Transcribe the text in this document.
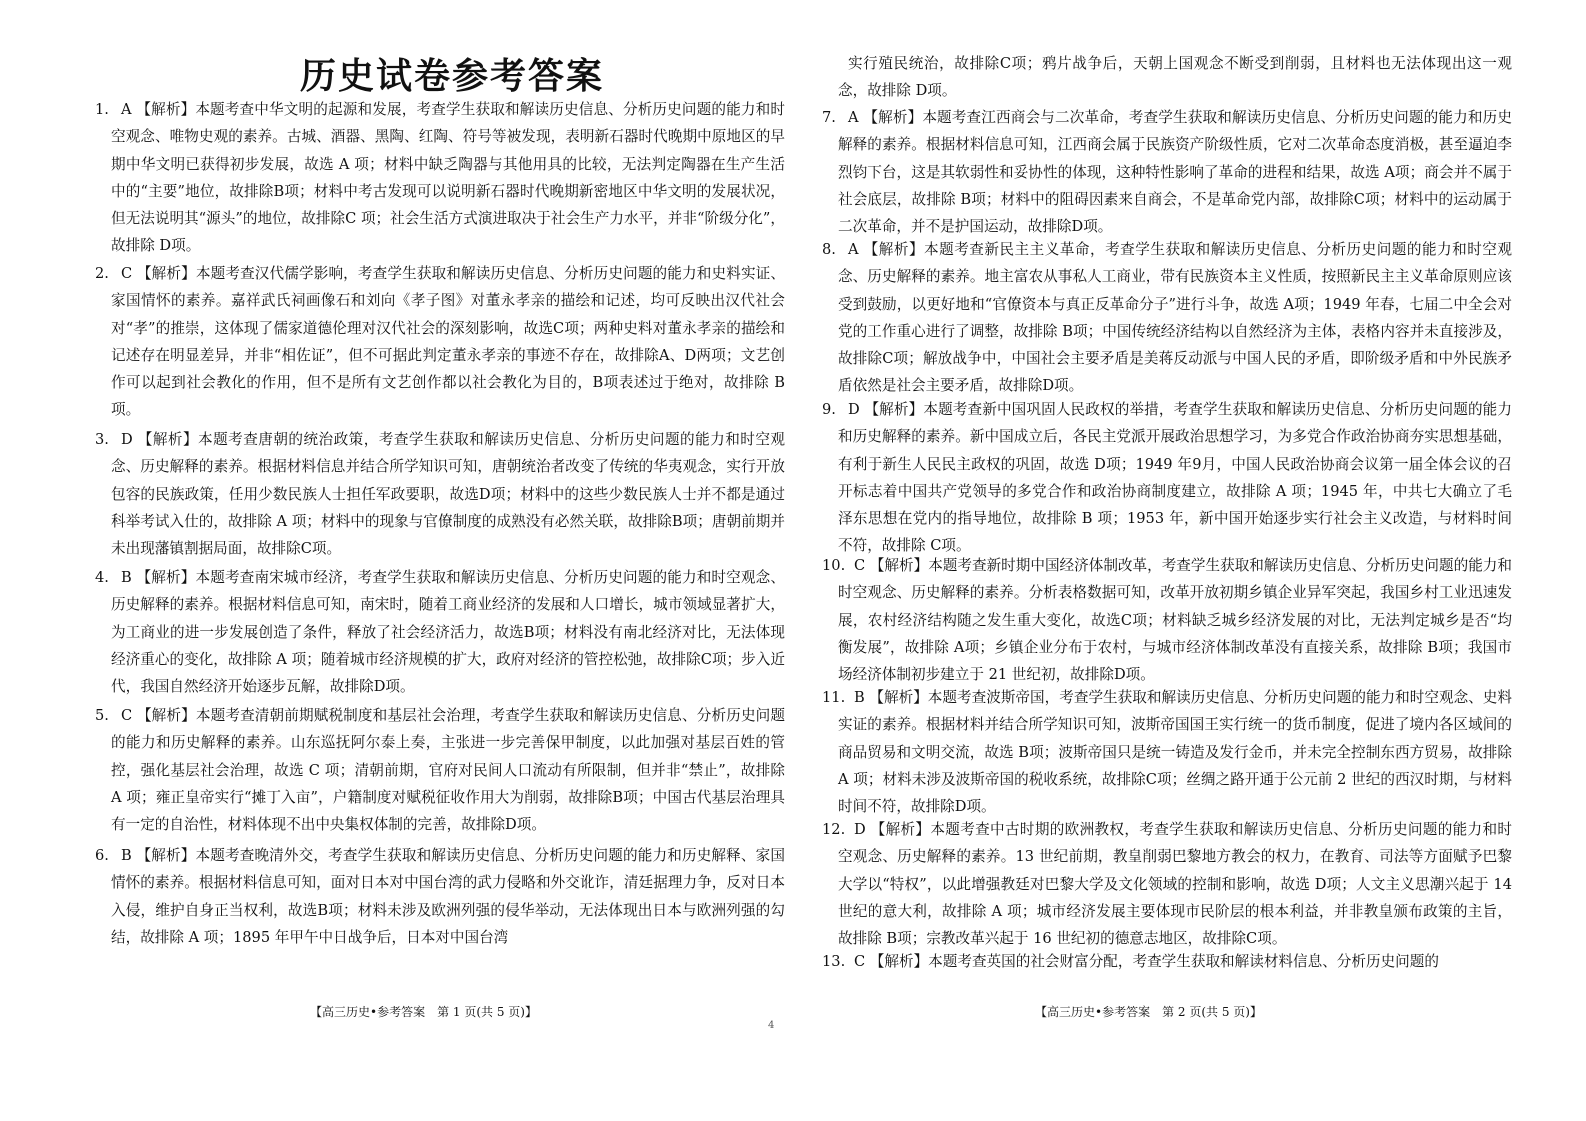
历史试卷参考答案
1. A 【解析】本题考查中华文明的起源和发展，考查学生获取和解读历史信息、分析历史问题的能力和时空观念、唯物史观的素养。古城、酒器、黑陶、红陶、符号等被发现，表明新石器时代晚期中原地区的早期中华文明已获得初步发展，故选 A 项；材料中缺乏陶器与其他用具的比较，无法判定陶器在生产生活中的“主要”地位，故排除B项；材料中考古发现可以说明新石器时代晚期新密地区中华文明的发展状况，但无法说明其“源头”的地位，故排除C 项；社会生活方式演进取决于社会生产力水平，并非“阶级分化”，故排除 D项。
2. C 【解析】本题考查汉代儒学影响，考查学生获取和解读历史信息、分析历史问题的能力和史料实证、家国情怀的素养。嘉祥武氏祠画像石和刘向《孝子图》对董永孝亲的描绘和记述，均可反映出汉代社会对“孝”的推崇，这体现了儒家道德伦理对汉代社会的深刻影响，故选C项；两种史料对董永孝亲的描绘和记述存在明显差异，并非“相佐证”，但不可据此判定董永孝亲的事迹不存在，故排除A、D两项；文艺创作可以起到社会教化的作用，但不是所有文艺创作都以社会教化为目的，B项表述过于绝对，故排除 B项。
3. D 【解析】本题考查唐朝的统治政策，考查学生获取和解读历史信息、分析历史问题的能力和时空观念、历史解释的素养。根据材料信息并结合所学知识可知，唐朝统治者改变了传统的华夷观念，实行开放包容的民族政策，任用少数民族人士担任军政要职，故选D项；材料中的这些少数民族人士并不都是通过科举考试入仕的，故排除 A 项；材料中的现象与官僚制度的成熟没有必然关联，故排除B项；唐朝前期并未出现藩镇割据局面，故排除C项。
4. B 【解析】本题考查南宋城市经济，考查学生获取和解读历史信息、分析历史问题的能力和时空观念、历史解释的素养。根据材料信息可知，南宋时，随着工商业经济的发展和人口增长，城市领域显著扩大，为工商业的进一步发展创造了条件，释放了社会经济活力，故选B项；材料没有南北经济对比，无法体现经济重心的变化，故排除 A 项；随着城市经济规模的扩大，政府对经济的管控松弛，故排除C项；步入近代，我国自然经济开始逐步瓦解，故排除D项。
5. C 【解析】本题考查清朝前期赋税制度和基层社会治理，考查学生获取和解读历史信息、分析历史问题的能力和历史解释的素养。山东巡抚阿尔泰上奏，主张进一步完善保甲制度，以此加强对基层百姓的管控，强化基层社会治理，故选 C 项；清朝前期，官府对民间人口流动有所限制，但并非“禁止”，故排除 A 项；雍正皇帝实行“摊丁入亩”，户籍制度对赋税征收作用大为削弱，故排除B项；中国古代基层治理具有一定的自治性，材料体现不出中央集权体制的完善，故排除D项。
6. B 【解析】本题考查晚清外交，考查学生获取和解读历史信息、分析历史问题的能力和历史解释、家国情怀的素养。根据材料信息可知，面对日本对中国台湾的武力侵略和外交讹诈，清廷据理力争，反对日本入侵，维护自身正当权利，故选B项；材料未涉及欧洲列强的侵华举动，无法体现出日本与欧洲列强的勾结，故排除 A 项；1895 年甲午中日战争后，日本对中国台湾
实行殖民统治，故排除C项；鸦片战争后，天朝上国观念不断受到削弱，且材料也无法体现出这一观念，故排除 D项。
7. A 【解析】本题考查江西商会与二次革命，考查学生获取和解读历史信息、分析历史问题的能力和历史解释的素养。根据材料信息可知，江西商会属于民族资产阶级性质，它对二次革命态度消极，甚至逼迫李烈钧下台，这是其软弱性和妥协性的体现，这种特性影响了革命的进程和结果，故选 A项；商会并不属于社会底层，故排除 B项；材料中的阻碍因素来自商会，不是革命党内部，故排除C项；材料中的运动属于二次革命，并不是护国运动，故排除D项。
8. A 【解析】本题考查新民主主义革命，考查学生获取和解读历史信息、分析历史问题的能力和时空观念、历史解释的素养。地主富农从事私人工商业，带有民族资本主义性质，按照新民主主义革命原则应该受到鼓励，以更好地和“官僚资本与真正反革命分子”进行斗争，故选 A项；1949 年春，七届二中全会对党的工作重心进行了调整，故排除 B项；中国传统经济结构以自然经济为主体，表格内容并未直接涉及，故排除C项；解放战争中，中国社会主要矛盾是美蒋反动派与中国人民的矛盾，即阶级矛盾和中外民族矛盾依然是社会主要矛盾，故排除D项。
9. D 【解析】本题考查新中国巩固人民政权的举措，考查学生获取和解读历史信息、分析历史问题的能力和历史解释的素养。新中国成立后，各民主党派开展政治思想学习，为多党合作政治协商夯实思想基础，有利于新生人民民主政权的巩固，故选 D项；1949 年9月，中国人民政治协商会议第一届全体会议的召开标志着中国共产党领导的多党合作和政治协商制度建立，故排除 A 项；1945 年，中共七大确立了毛泽东思想在党内的指导地位，故排除 B 项；1953 年，新中国开始逐步实行社会主义改造，与材料时间不符，故排除 C项。
10. C 【解析】本题考查新时期中国经济体制改革，考查学生获取和解读历史信息、分析历史问题的能力和时空观念、历史解释的素养。分析表格数据可知，改革开放初期乡镇企业异军突起，我国乡村工业迅速发展，农村经济结构随之发生重大变化，故选C项；材料缺乏城乡经济发展的对比，无法判定城乡是否“均衡发展”，故排除 A项；乡镇企业分布于农村，与城市经济体制改革没有直接关系，故排除 B项；我国市场经济体制初步建立于 21 世纪初，故排除D项。
11. B 【解析】本题考查波斯帝国，考查学生获取和解读历史信息、分析历史问题的能力和时空观念、史料实证的素养。根据材料并结合所学知识可知，波斯帝国国王实行统一的货币制度，促进了境内各区域间的商品贸易和文明交流，故选 B项；波斯帝国只是统一铸造及发行金币，并未完全控制东西方贸易，故排除 A 项；材料未涉及波斯帝国的税收系统，故排除C项；丝绸之路开通于公元前 2 世纪的西汉时期，与材料时间不符，故排除D项。
12. D 【解析】本题考查中古时期的欧洲教权，考查学生获取和解读历史信息、分析历史问题的能力和时空观念、历史解释的素养。13 世纪前期，教皇削弱巴黎地方教会的权力，在教育、司法等方面赋予巴黎大学以“特权”，以此增强教廷对巴黎大学及文化领域的控制和影响，故选 D项；人文主义思潮兴起于 14世纪的意大利，故排除 A 项；城市经济发展主要体现市民阶层的根本利益，并非教皇颁布政策的主旨，故排除 B项；宗教改革兴起于 16 世纪初的德意志地区，故排除C项。
13. C 【解析】本题考查英国的社会财富分配，考查学生获取和解读材料信息、分析历史问题的
【高三历史•参考答案　第 1 页(共 5 页)】
4
【高三历史•参考答案　第 2 页(共 5 页)】
